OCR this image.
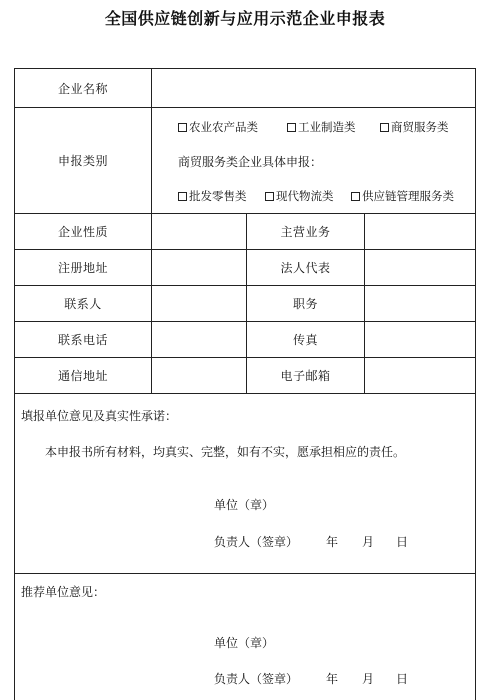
全国供应链创新与应用示范企业申报表
企业名称
申报类别
农业农产品类	工业制造类	商贸服务类
商贸服务类企业具体申报：
批发零售类	现代物流类 供应链管理服务类
企业性质	主营业务
注册地址	法人代表
联系人	职务
联系电话	传真
通信地址	电子邮箱
填报单位意见及真实性承诺：
本申报书所有材料，均真实、完整，如有不实，愿承担相应的责任。
单位（章）
负责人（签章） 年 月 日
推荐单位意见：
单位（章）
负责人（签章） 年 月 日
